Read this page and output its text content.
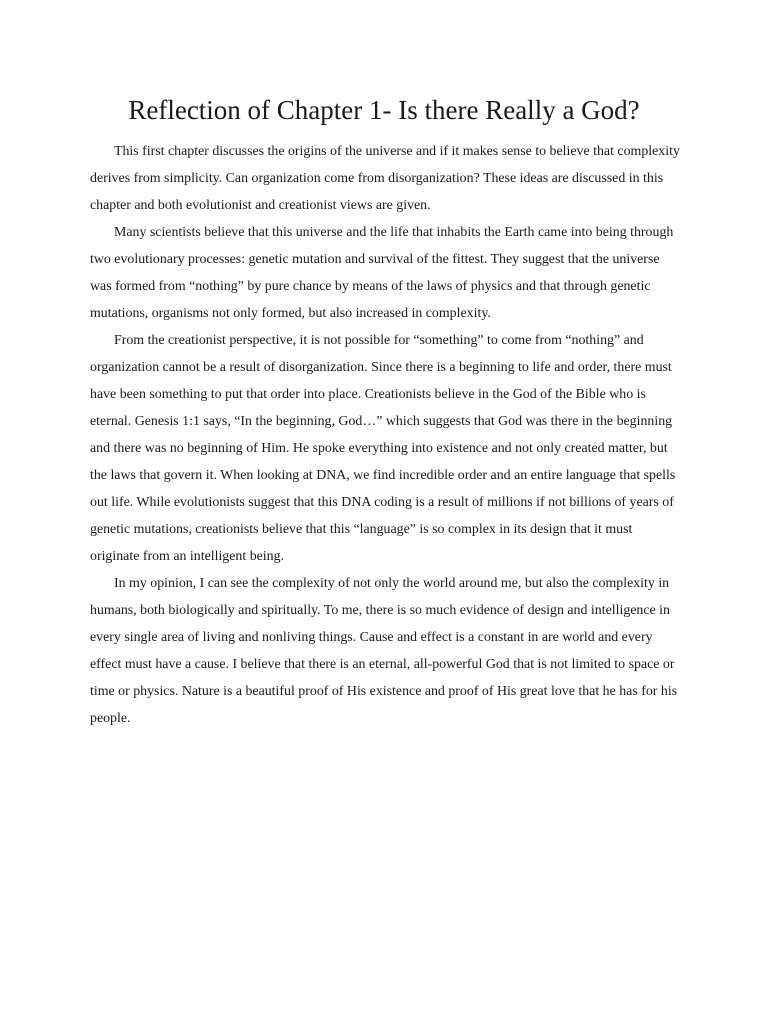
Reflection of Chapter 1- Is there Really a God?

This first chapter discusses the origins of the universe and if it makes sense to believe that complexity derives from simplicity. Can organization come from disorganization? These ideas are discussed in this chapter and both evolutionist and creationist views are given.

Many scientists believe that this universe and the life that inhabits the Earth came into being through two evolutionary processes: genetic mutation and survival of the fittest. They suggest that the universe was formed from “nothing” by pure chance by means of the laws of physics and that through genetic mutations, organisms not only formed, but also increased in complexity.

From the creationist perspective, it is not possible for “something” to come from “nothing” and organization cannot be a result of disorganization. Since there is a beginning to life and order, there must have been something to put that order into place. Creationists believe in the God of the Bible who is eternal. Genesis 1:1 says, “In the beginning, God…” which suggests that God was there in the beginning and there was no beginning of Him. He spoke everything into existence and not only created matter, but the laws that govern it. When looking at DNA, we find incredible order and an entire language that spells out life. While evolutionists suggest that this DNA coding is a result of millions if not billions of years of genetic mutations, creationists believe that this “language” is so complex in its design that it must originate from an intelligent being.

In my opinion, I can see the complexity of not only the world around me, but also the complexity in humans, both biologically and spiritually. To me, there is so much evidence of design and intelligence in every single area of living and nonliving things. Cause and effect is a constant in are world and every effect must have a cause. I believe that there is an eternal, all-powerful God that is not limited to space or time or physics. Nature is a beautiful proof of His existence and proof of His great love that he has for his people.
